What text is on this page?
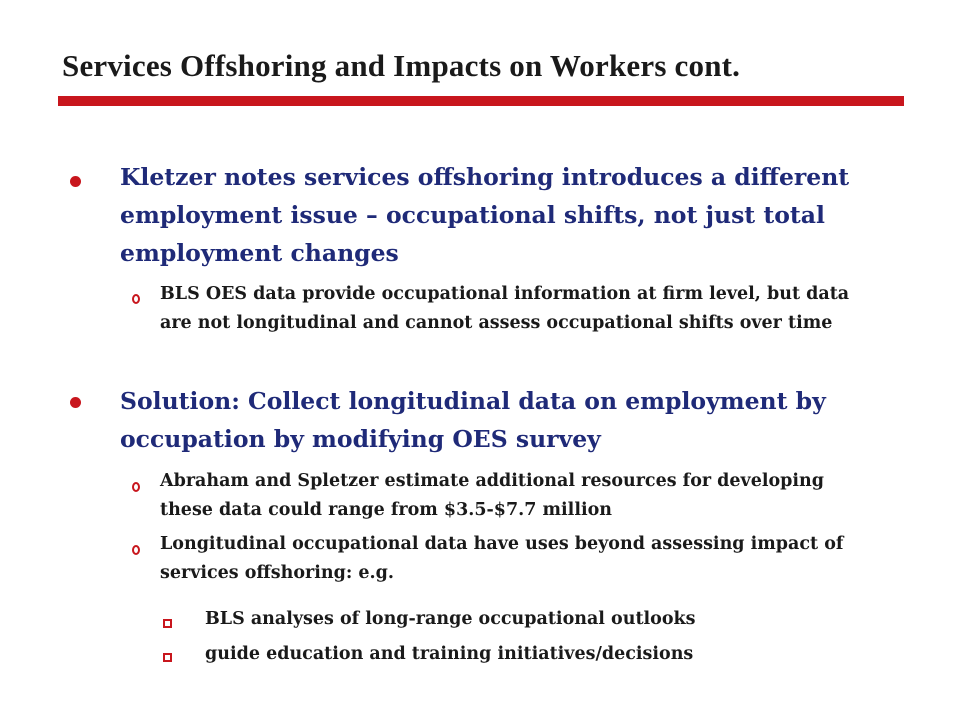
Services Offshoring and Impacts on Workers cont.
Kletzer notes services offshoring introduces a different employment issue – occupational shifts, not just total employment changes
BLS OES data provide occupational information at firm level, but data are not longitudinal and cannot assess occupational shifts over time
Solution: Collect longitudinal data on employment by occupation by modifying OES survey
Abraham and Spletzer estimate additional resources for developing these data could range from $3.5-$7.7 million
Longitudinal occupational data have uses beyond assessing impact of services offshoring: e.g.
BLS analyses of long-range occupational outlooks
guide education and training initiatives/decisions
